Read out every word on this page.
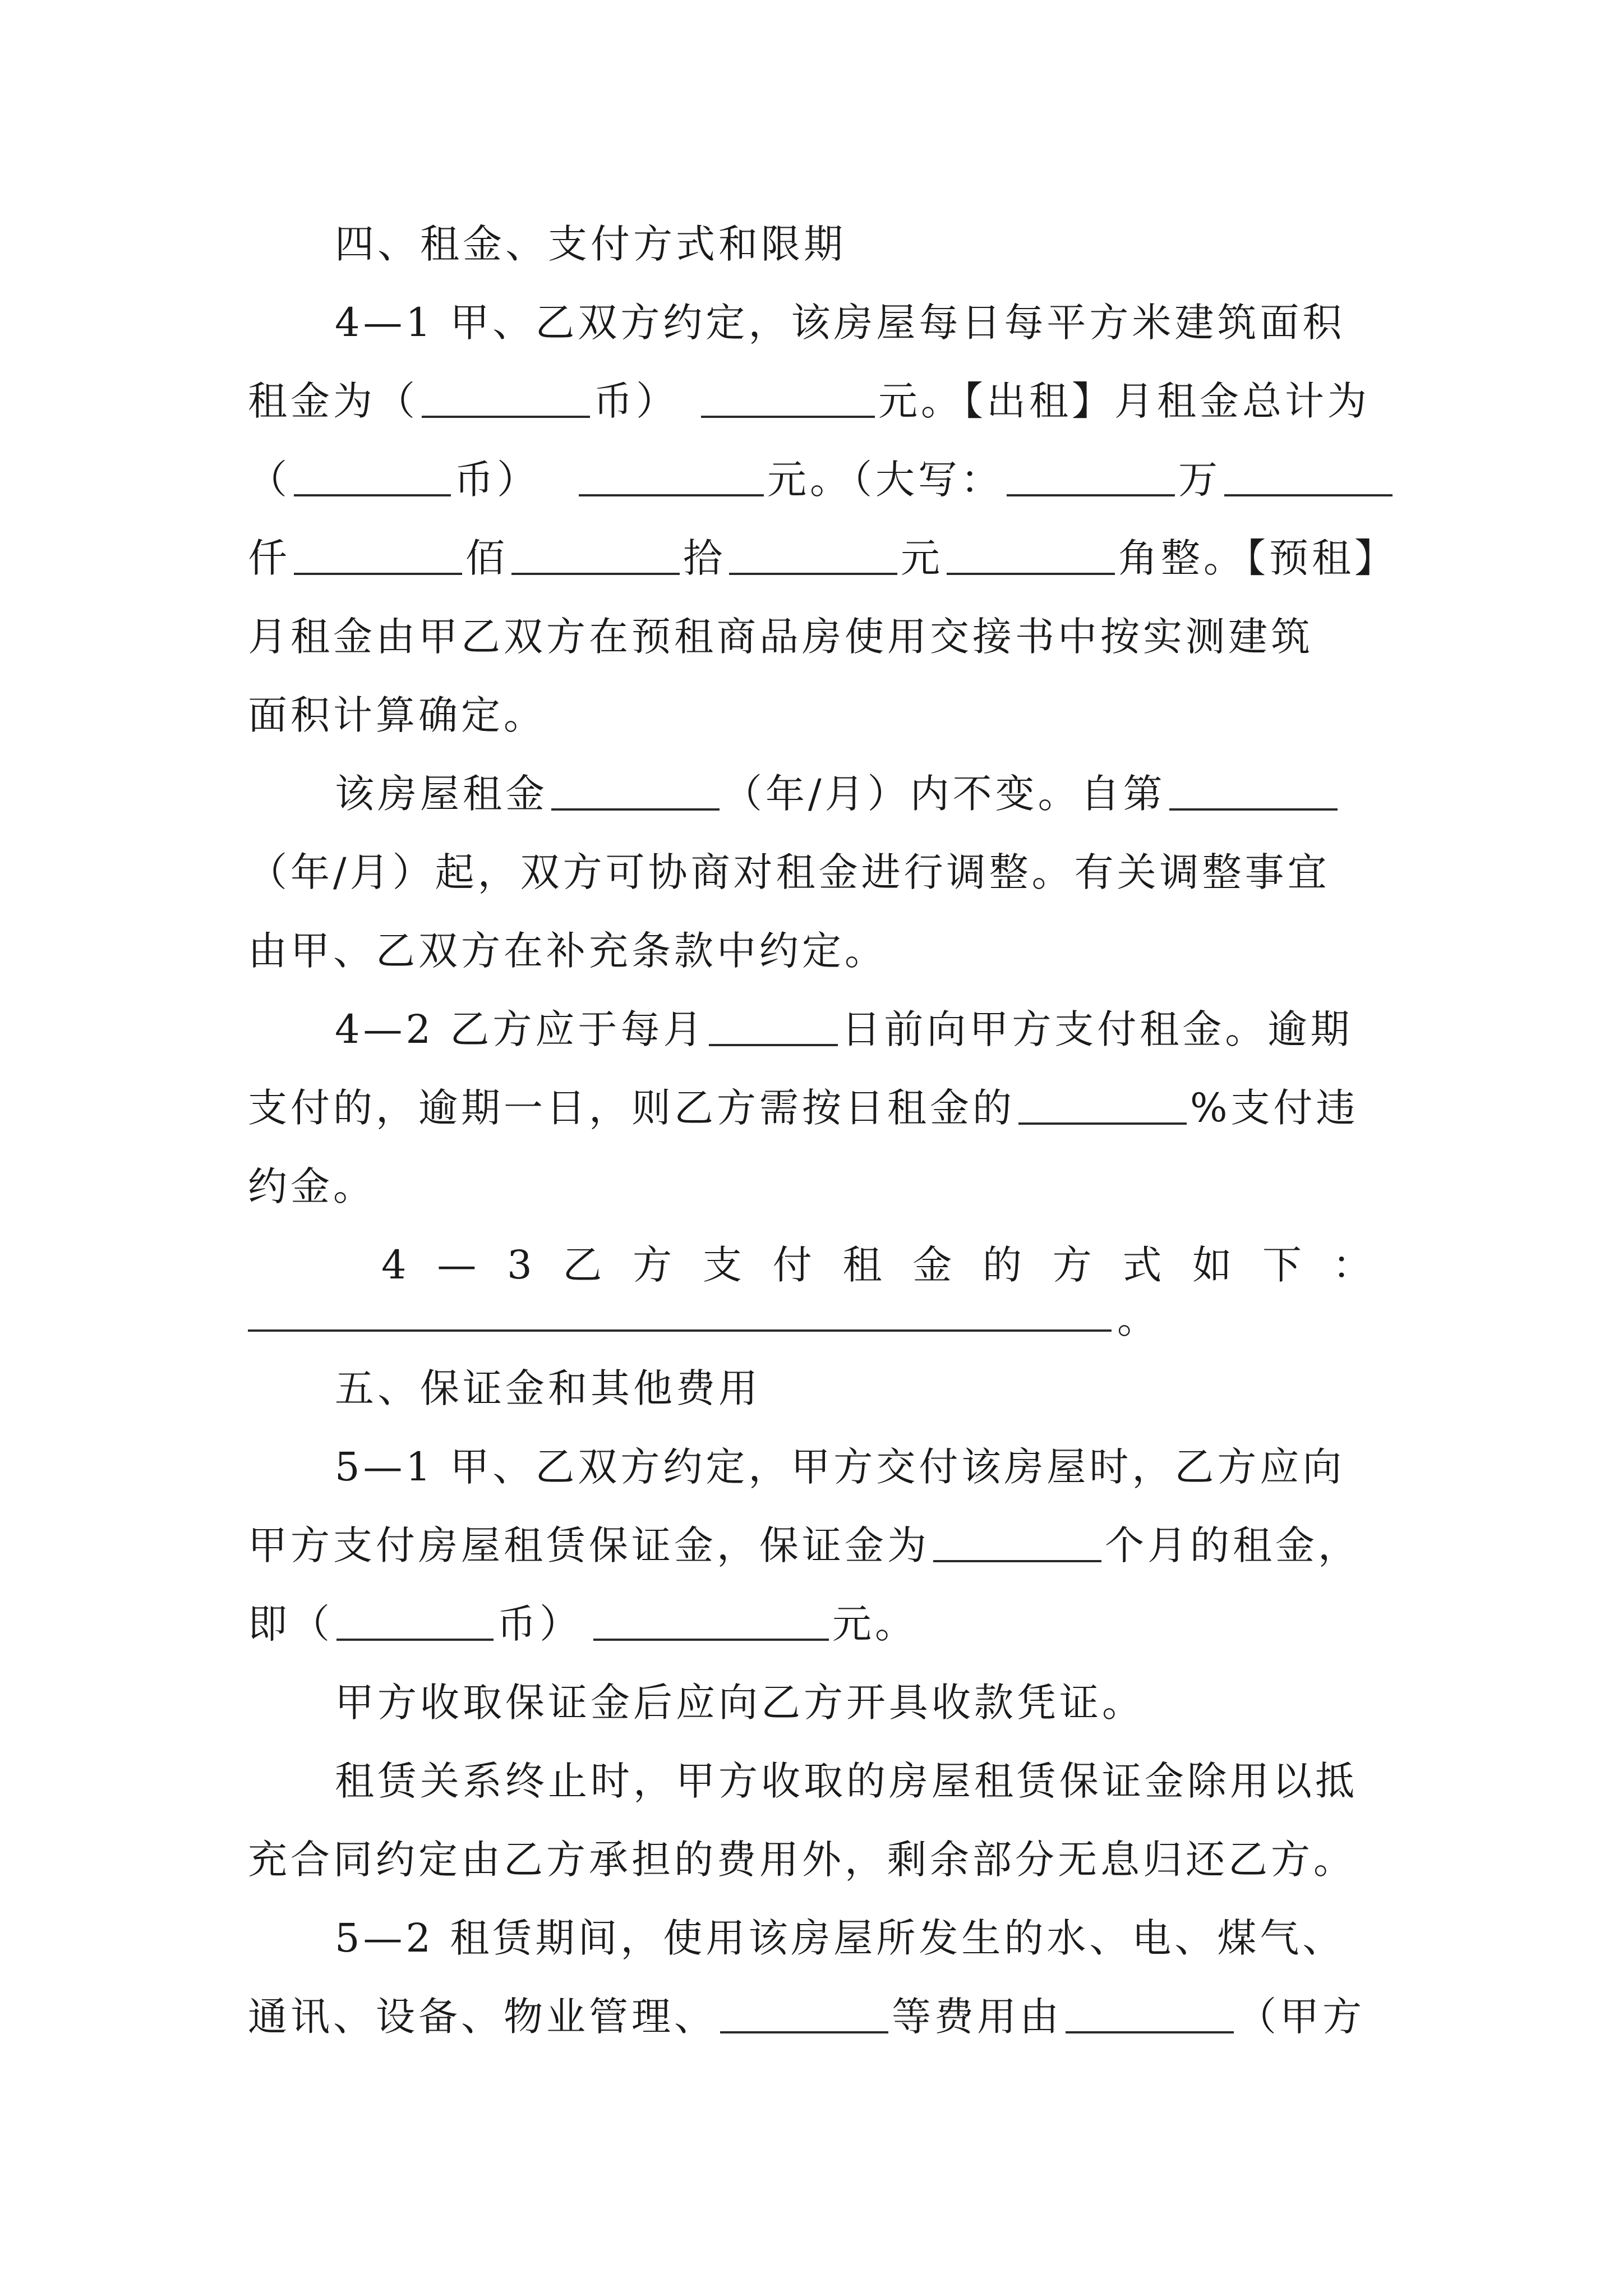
四、租金、支付方式和限期
4—1 甲、乙双方约定，该房屋每日每平方米建筑面积
租金为（	币）	元。【出租】月租金总计为
（	币）	元。（大写：	万
仟	佰	拾	元	角整。【预租】
月租金由甲乙双方在预租商品房使用交接书中按实测建筑
面积计算确定。
该房屋租金	（年/月）内不变。自第
（年/月）起，双方可协商对租金进行调整。有关调整事宜
由甲、乙双方在补充条款中约定。
4—2 乙方应于每月	日前向甲方支付租金。逾期
支付的，逾期一日，则乙方需按日租金的	%支付违
约金。
4 — 3 乙 方 支 付 租 金 的 方 式 如 下 ：
。
五、保证金和其他费用
5—1 甲、乙双方约定，甲方交付该房屋时，乙方应向
甲方支付房屋租赁保证金，保证金为	个月的租金，
即（	币）	元。
甲方收取保证金后应向乙方开具收款凭证。
租赁关系终止时，甲方收取的房屋租赁保证金除用以抵
充合同约定由乙方承担的费用外，剩余部分无息归还乙方。
5—2 租赁期间，使用该房屋所发生的水、电、煤气、
通讯、设备、物业管理、	等费用由	（甲方
